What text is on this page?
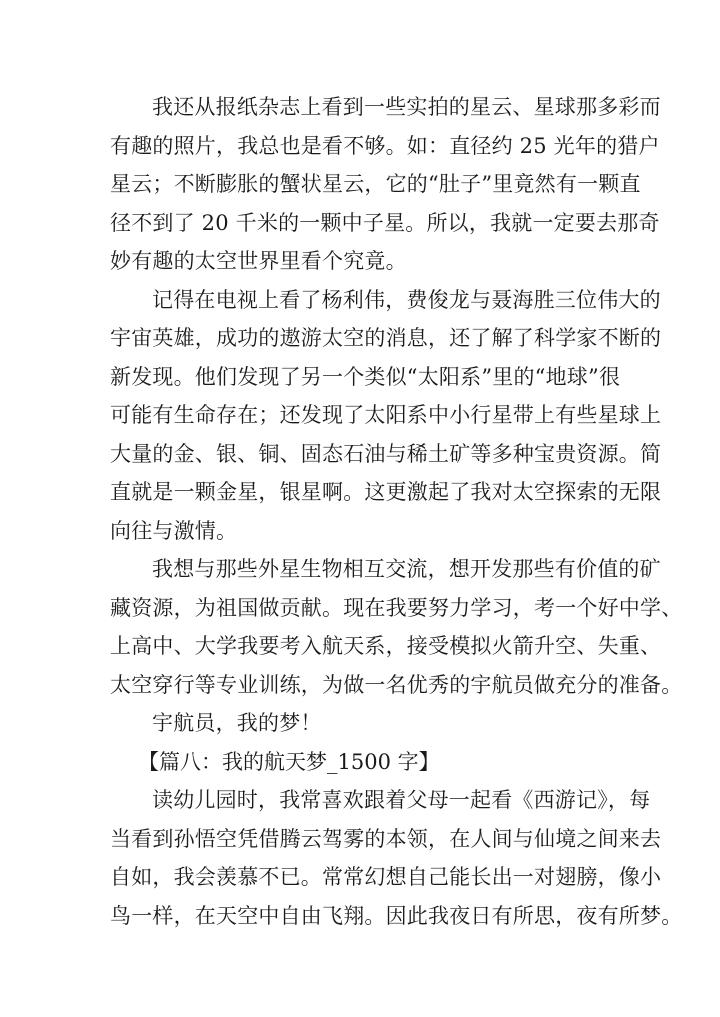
我还从报纸杂志上看到一些实拍的星云、星球那多彩而
有趣的照片，我总也是看不够。如：直径约 25 光年的猎户
星云；不断膨胀的蟹状星云，它的“肚子”里竟然有一颗直
径不到了 20 千米的一颗中子星。所以，我就一定要去那奇
妙有趣的太空世界里看个究竟。
记得在电视上看了杨利伟，费俊龙与聂海胜三位伟大的
宇宙英雄，成功的遨游太空的消息，还了解了科学家不断的
新发现。他们发现了另一个类似“太阳系”里的“地球”很
可能有生命存在；还发现了太阳系中小行星带上有些星球上
大量的金、银、铜、固态石油与稀土矿等多种宝贵资源。简
直就是一颗金星，银星啊。这更激起了我对太空探索的无限
向往与激情。
我想与那些外星生物相互交流，想开发那些有价值的矿
藏资源，为祖国做贡献。现在我要努力学习，考一个好中学、
上高中、大学我要考入航天系，接受模拟火箭升空、失重、
太空穿行等专业训练，为做一名优秀的宇航员做充分的准备。
宇航员，我的梦！
【篇八：我的航天梦_1500 字】
读幼儿园时，我常喜欢跟着父母一起看《西游记》，每
当看到孙悟空凭借腾云驾雾的本领，在人间与仙境之间来去
自如，我会羡慕不已。常常幻想自己能长出一对翅膀，像小
鸟一样，在天空中自由飞翔。因此我夜日有所思，夜有所梦。
